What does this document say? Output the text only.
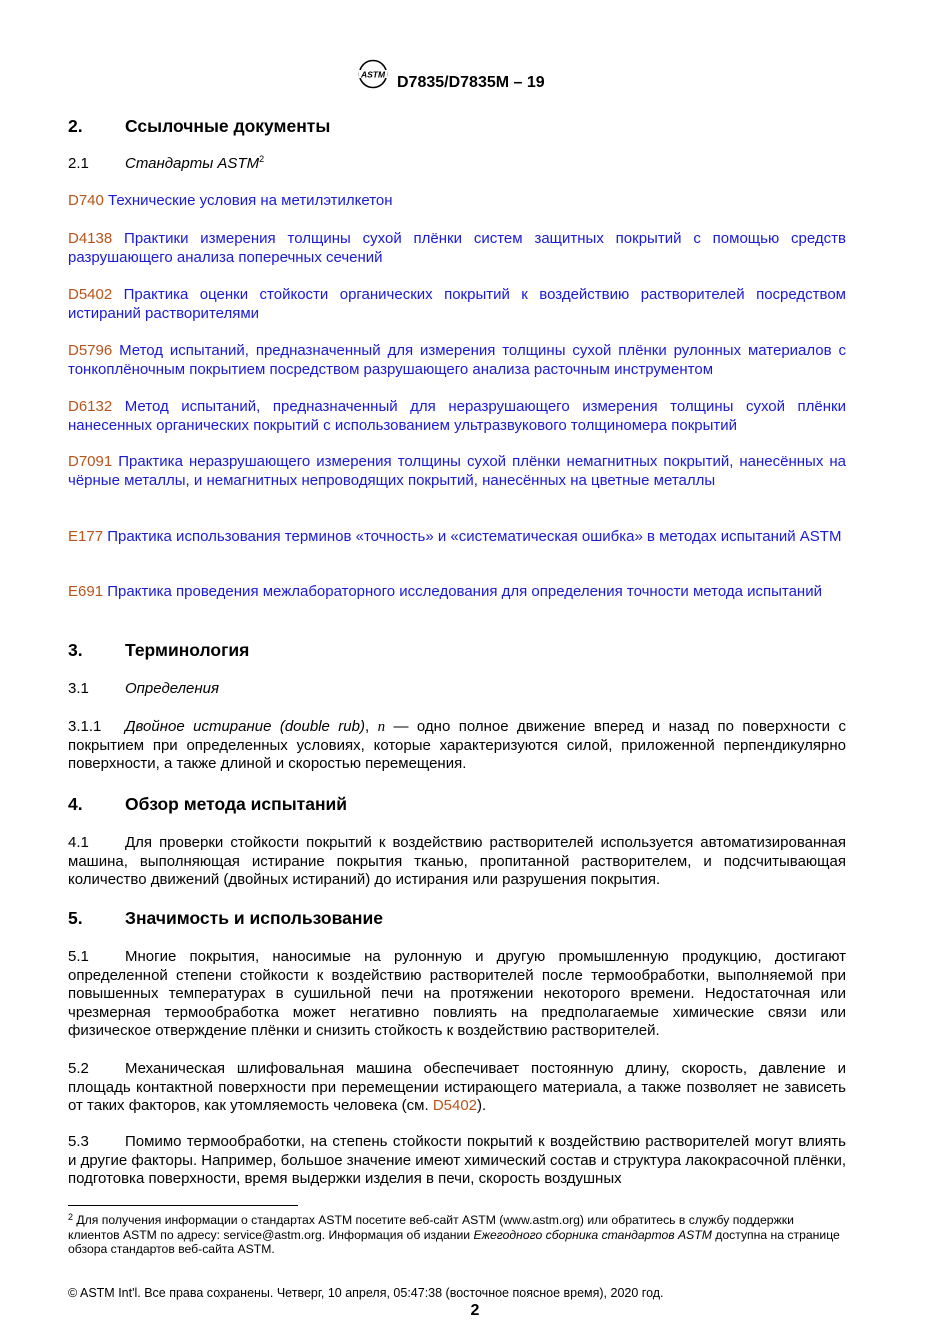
ASTM D7835/D7835M – 19
2. Ссылочные документы
2.1 Стандарты ASTM$^2$
D740 Технические условия на метилэтилкетон
D4138 Практики измерения толщины сухой плёнки систем защитных покрытий с помощью средств разрушающего анализа поперечных сечений
D5402 Практика оценки стойкости органических покрытий к воздействию растворителей посредством истираний растворителями
D5796 Метод испытаний, предназначенный для измерения толщины сухой плёнки рулонных материалов с тонкоплёночным покрытием посредством разрушающего анализа расточным инструментом
D6132 Метод испытаний, предназначенный для неразрушающего измерения толщины сухой плёнки нанесенных органических покрытий с использованием ультразвукового толщиномера покрытий
D7091 Практика неразрушающего измерения толщины сухой плёнки немагнитных покрытий, нанесённых на чёрные металлы, и немагнитных непроводящих покрытий, нанесённых на цветные металлы
E177 Практика использования терминов «точность» и «систематическая ошибка» в методах испытаний ASTM
E691 Практика проведения межлабораторного исследования для определения точности метода испытаний
3. Терминология
3.1 Определения
3.1.1 Двойное истирание (double rub), n — одно полное движение вперед и назад по поверхности с покрытием при определенных условиях, которые характеризуются силой, приложенной перпендикулярно поверхности, а также длиной и скоростью перемещения.
4. Обзор метода испытаний
4.1 Для проверки стойкости покрытий к воздействию растворителей используется автоматизированная машина, выполняющая истирание покрытия тканью, пропитанной растворителем, и подсчитывающая количество движений (двойных истираний) до истирания или разрушения покрытия.
5. Значимость и использование
5.1 Многие покрытия, наносимые на рулонную и другую промышленную продукцию, достигают определенной степени стойкости к воздействию растворителей после термообработки, выполняемой при повышенных температурах в сушильной печи на протяжении некоторого времени. Недостаточная или чрезмерная термообработка может негативно повлиять на предполагаемые химические связи или физическое отверждение плёнки и снизить стойкость к воздействию растворителей.
5.2 Механическая шлифовальная машина обеспечивает постоянную длину, скорость, давление и площадь контактной поверхности при перемещении истирающего материала, а также позволяет не зависеть от таких факторов, как утомляемость человека (см. D5402).
5.3 Помимо термообработки, на степень стойкости покрытий к воздействию растворителей могут влиять и другие факторы. Например, большое значение имеют химический состав и структура лакокрасочной плёнки, подготовка поверхности, время выдержки изделия в печи, скорость воздушных
$^2$ Для получения информации о стандартах ASTM посетите веб-сайт ASTM (www.astm.org) или обратитесь в службу поддержки клиентов ASTM по адресу: service@astm.org. Информация об издании Ежегодного сборника стандартов ASTM доступна на странице обзора стандартов веб-сайта ASTM.
© ASTM Int'l. Все права сохранены. Четверг, 10 апреля, 05:47:38 (восточное поясное время), 2020 год.
2
